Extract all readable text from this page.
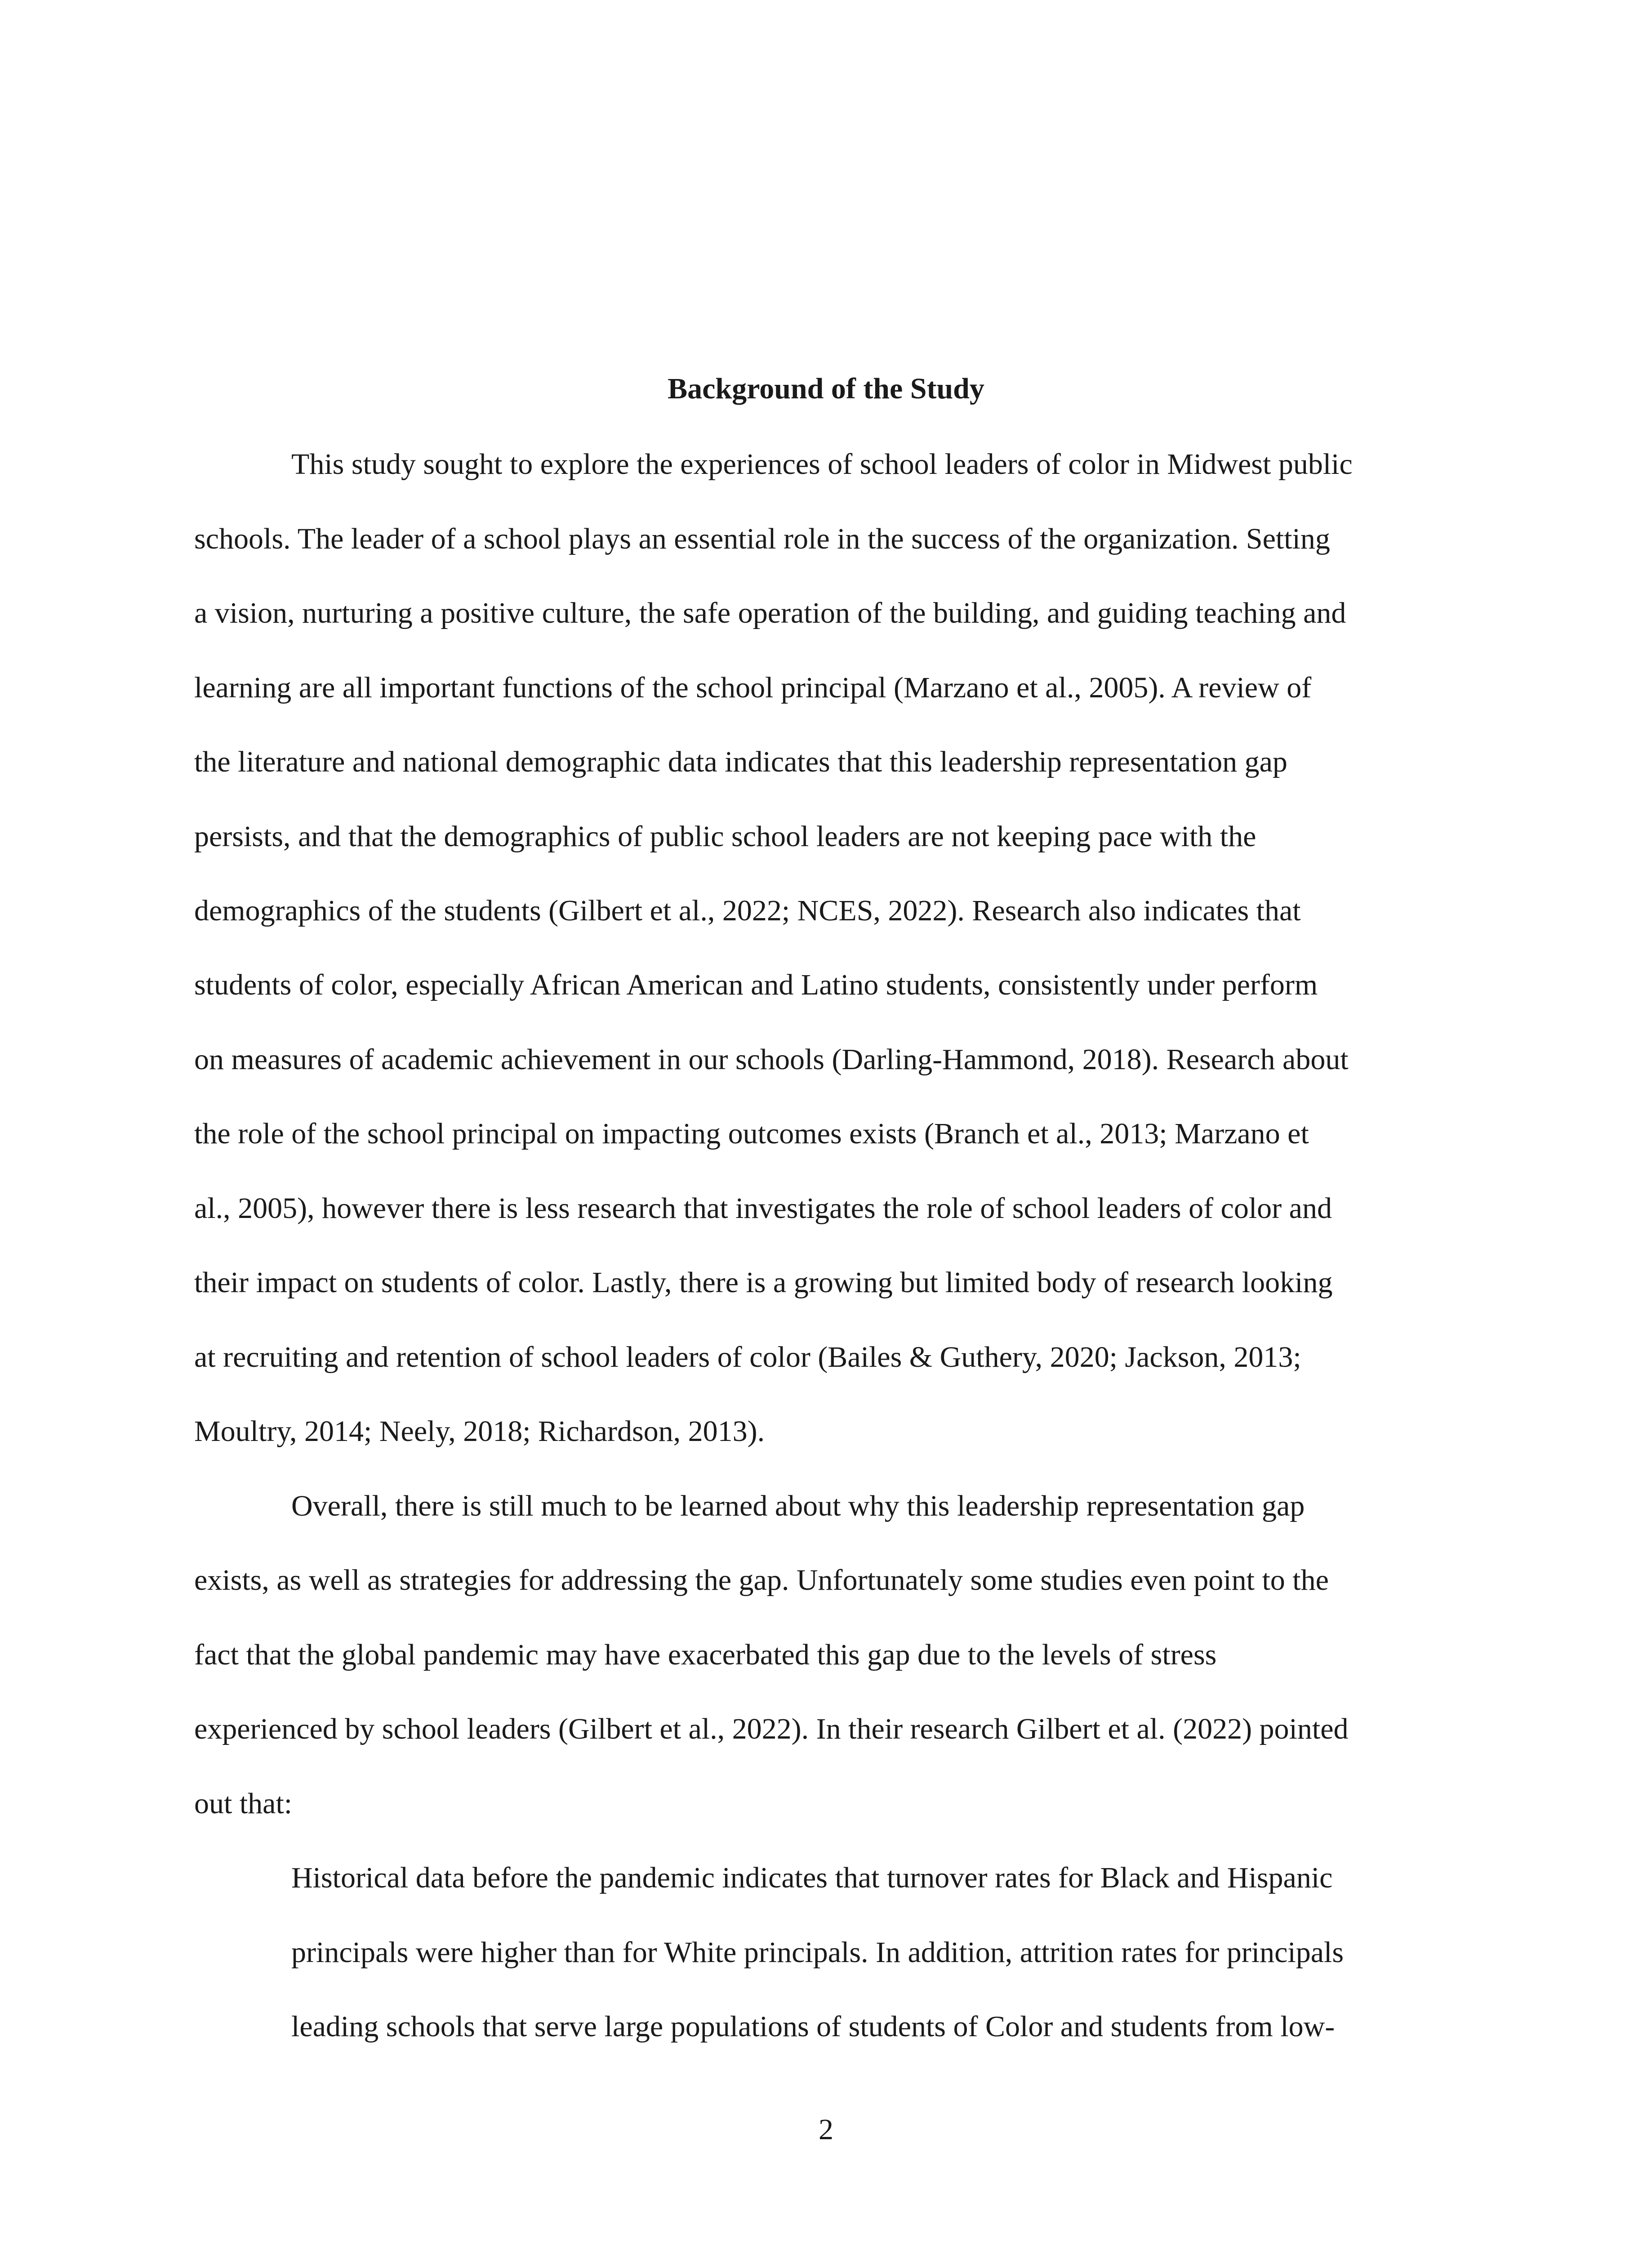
Background of the Study
This study sought to explore the experiences of school leaders of color in Midwest public
schools. The leader of a school plays an essential role in the success of the organization. Setting
a vision, nurturing a positive culture, the safe operation of the building, and guiding teaching and
learning are all important functions of the school principal (Marzano et al., 2005). A review of
the literature and national demographic data indicates that this leadership representation gap
persists, and that the demographics of public school leaders are not keeping pace with the
demographics of the students (Gilbert et al., 2022; NCES, 2022). Research also indicates that
students of color, especially African American and Latino students, consistently under perform
on measures of academic achievement in our schools (Darling-Hammond, 2018). Research about
the role of the school principal on impacting outcomes exists (Branch et al., 2013; Marzano et
al., 2005), however there is less research that investigates the role of school leaders of color and
their impact on students of color. Lastly, there is a growing but limited body of research looking
at recruiting and retention of school leaders of color (Bailes & Guthery, 2020; Jackson, 2013;
Moultry, 2014; Neely, 2018; Richardson, 2013).
Overall, there is still much to be learned about why this leadership representation gap
exists, as well as strategies for addressing the gap. Unfortunately some studies even point to the
fact that the global pandemic may have exacerbated this gap due to the levels of stress
experienced by school leaders (Gilbert et al., 2022). In their research Gilbert et al. (2022) pointed
out that:
Historical data before the pandemic indicates that turnover rates for Black and Hispanic
principals were higher than for White principals. In addition, attrition rates for principals
leading schools that serve large populations of students of Color and students from low-
2
